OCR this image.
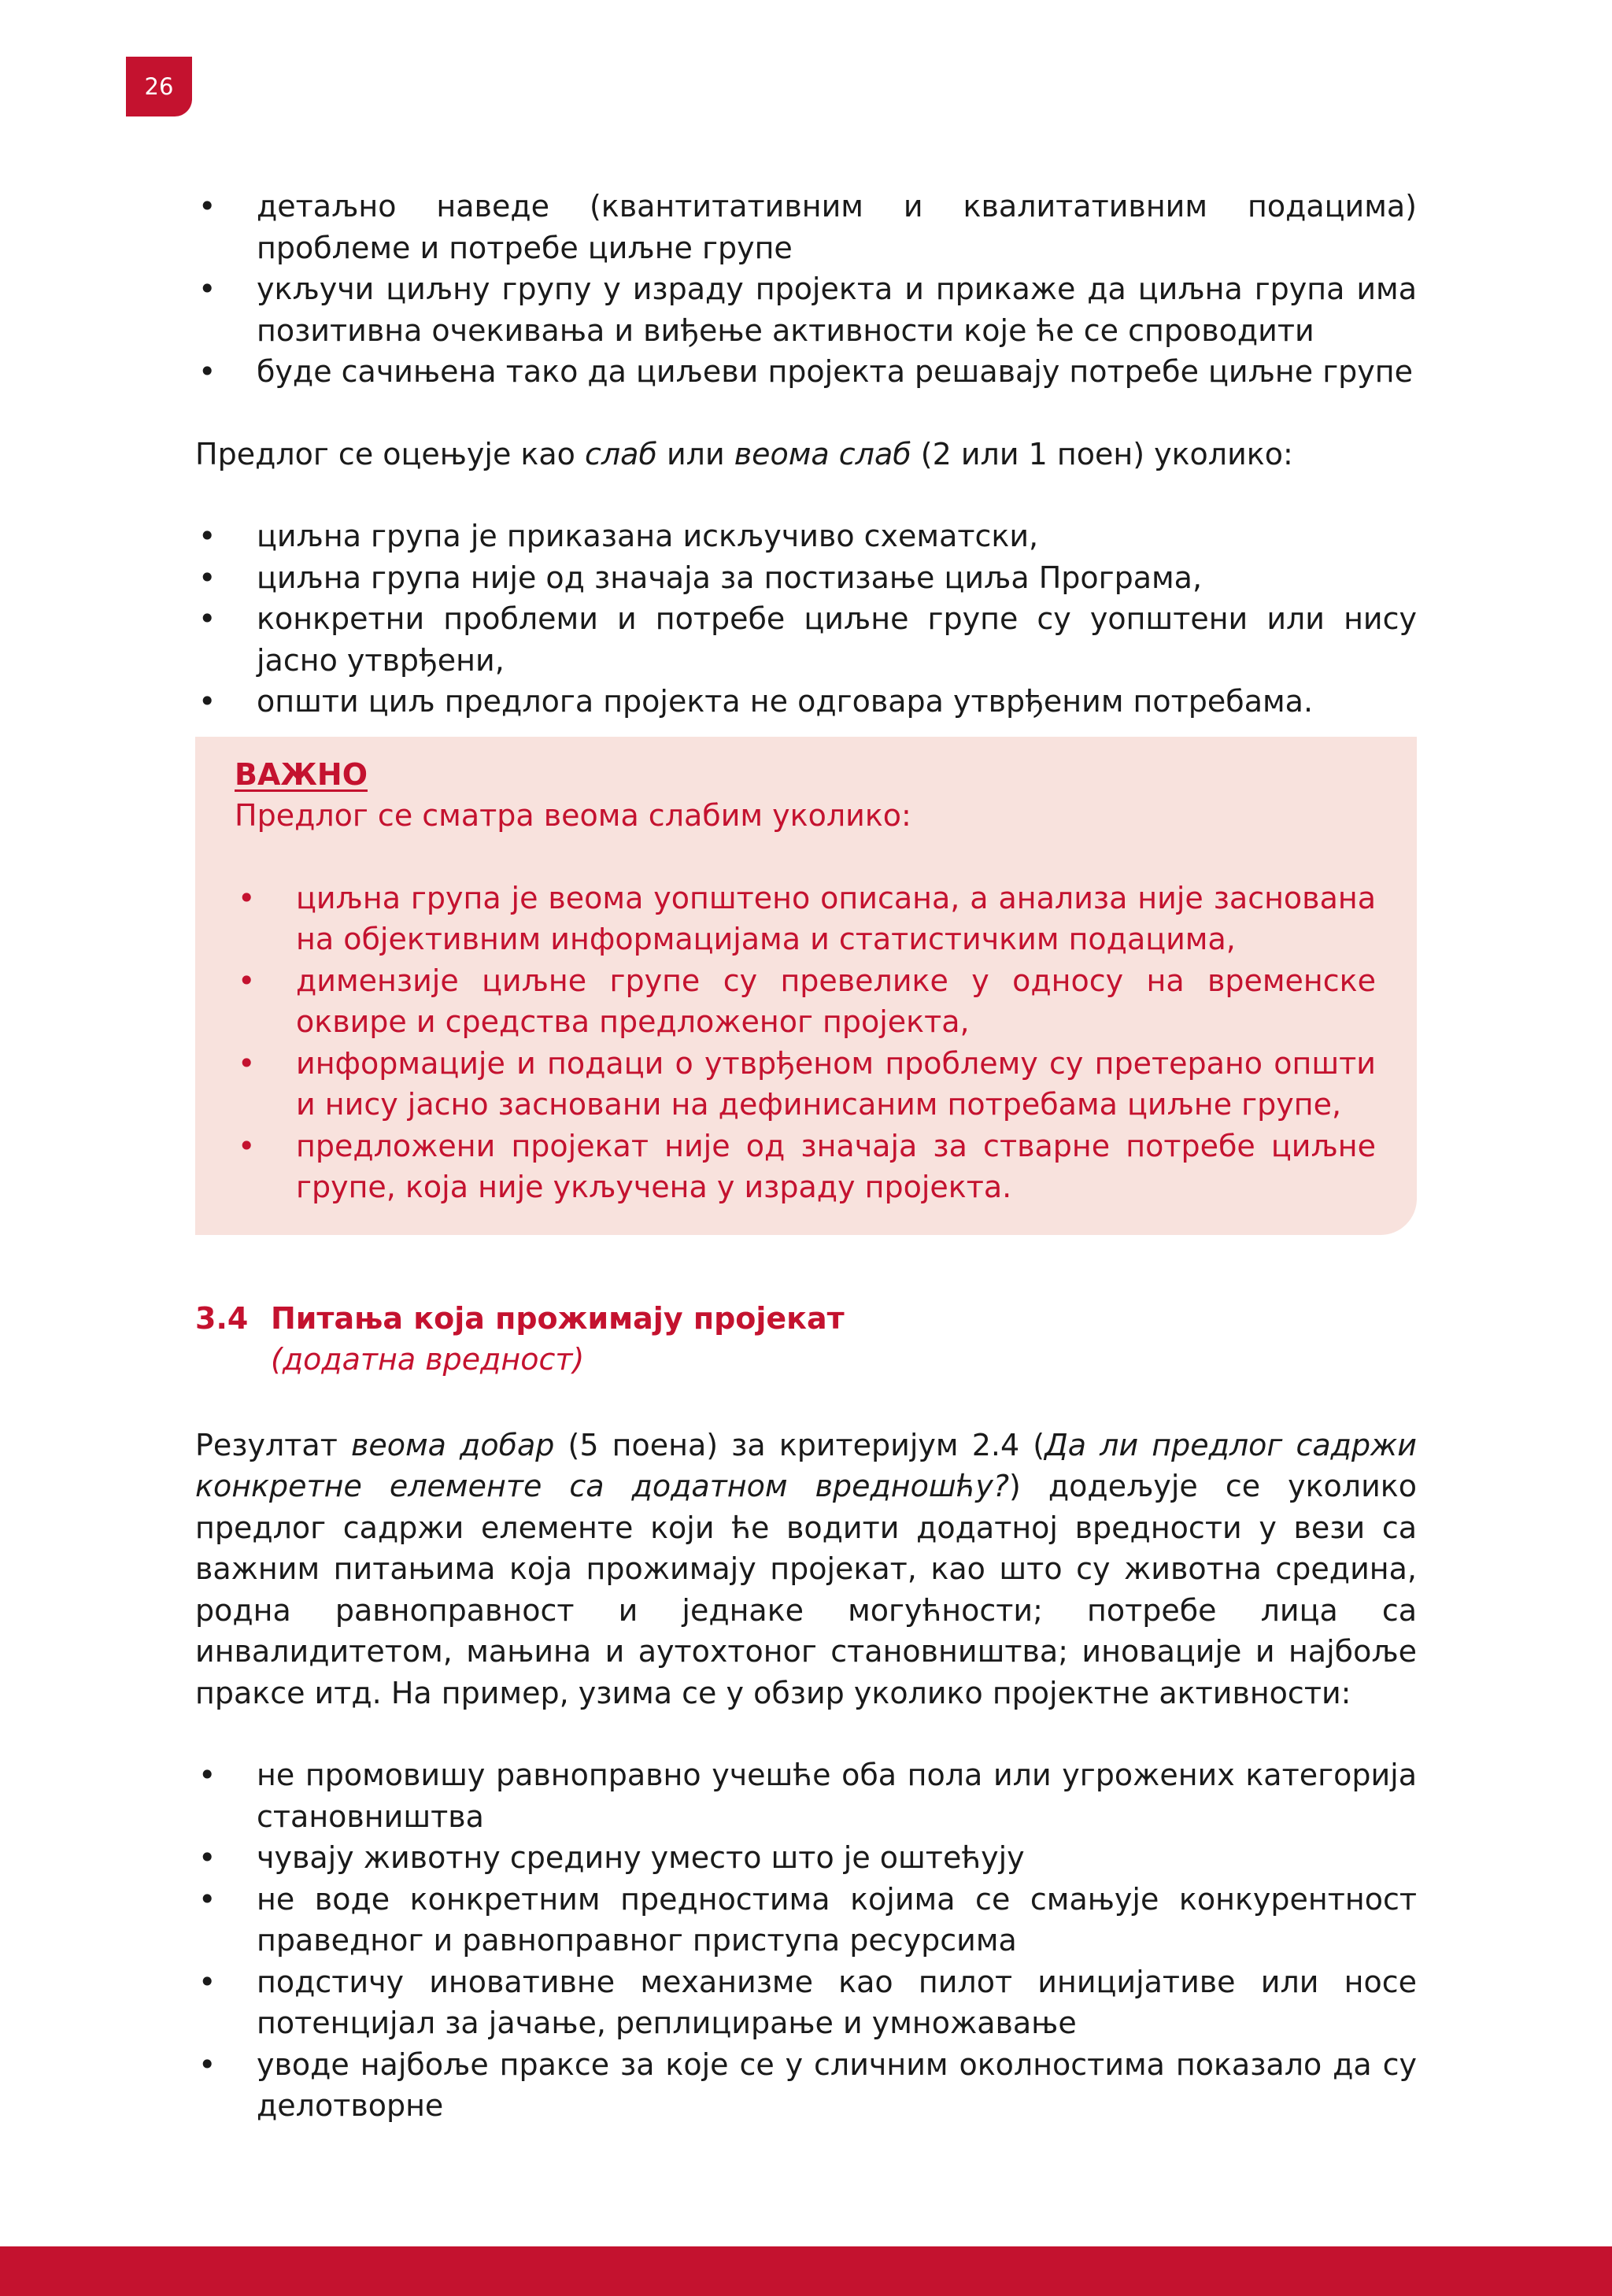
26
• детаљно наведе (квантитативним и квалитативним подацима) проблеме и потребе циљне групе
• укључи циљну групу у израду пројекта и прикаже да циљна група има позитивна очекивања и виђење активности које ће се спроводити
• буде сачињена тако да циљеви пројекта решавају потребе циљне групе

Предлог се оцењује као слаб или веома слаб (2 или 1 поен) уколико:

• циљна група је приказана искључиво схематски,
• циљна група није од значаја за постизање циља Програма,
• конкретни проблеми и потребе циљне групе су уопштени или нису јасно утврђени,
• општи циљ предлога пројекта не одговара утврђеним потребама.
ВАЖНО
Предлог се сматра веома слабим уколико:
• циљна група је веома уопштено описана, а анализа није заснована на објективним информацијама и статистичким подацима,
• димензије циљне групе су превелике у односу на временске оквире и средства предложеног пројекта,
• информације и подаци о утврђеном проблему су претерано општи и нису јасно засновани на дефинисаним потребама циљне групе,
• предложени пројекат није од значаја за стварне потребе циљне групе, која није укључена у израду пројекта.
3.4 Питања која прожимају пројекат
(додатна вредност)

Резултат веома добар (5 поена) за критеријум 2.4 (Да ли предлог садржи конкретне елементе са додатном вредношћу?) додељује се уколико предлог садржи елементе који ће водити додатној вредности у вези са важним питањима која прожимају пројекат, као што су животна средина, родна равноправност и једнаке могућности; потребе лица са инвалидитетом, мањина и аутохтоног становништва; иновације и најбоље праксе итд. На пример, узима се у обзир уколико пројектне активности:

• не промовишу равноправно учешће оба пола или угрожених категорија становништва
• чувају животну средину уместо што је оштећују
• не воде конкретним предностима којима се смањује конкурентност праведног и равноправног приступа ресурсима
• подстичу иновативне механизме као пилот иницијативе или носе потенцијал за јачање, реплицирање и умножавање
• уводе најбоље праксе за које се у сличним околностима показало да су делотворне
